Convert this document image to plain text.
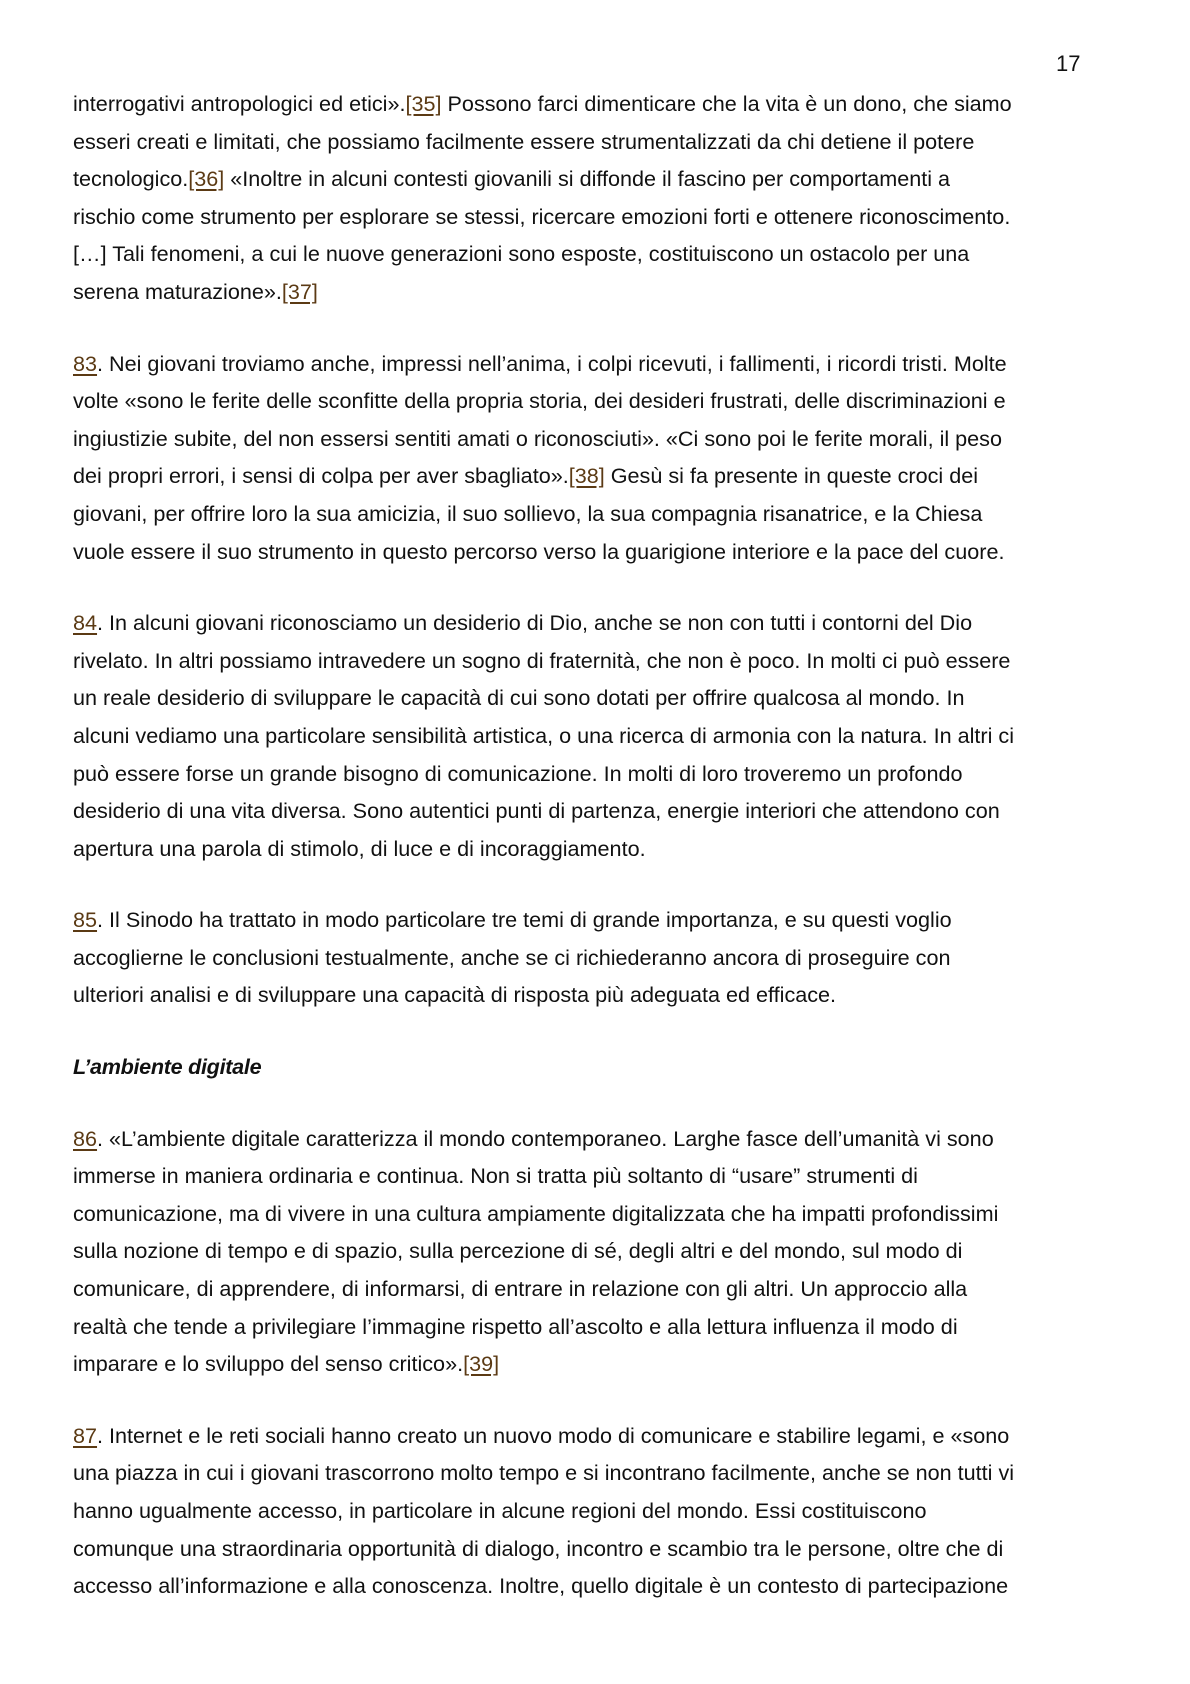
17
interrogativi antropologici ed etici».[35] Possono farci dimenticare che la vita è un dono, che siamo
esseri creati e limitati, che possiamo facilmente essere strumentalizzati da chi detiene il potere
tecnologico.[36] «Inoltre in alcuni contesti giovanili si diffonde il fascino per comportamenti a
rischio come strumento per esplorare se stessi, ricercare emozioni forti e ottenere riconoscimento.
[…] Tali fenomeni, a cui le nuove generazioni sono esposte, costituiscono un ostacolo per una
serena maturazione».[37]
83. Nei giovani troviamo anche, impressi nell’anima, i colpi ricevuti, i fallimenti, i ricordi tristi. Molte
volte «sono le ferite delle sconfitte della propria storia, dei desideri frustrati, delle discriminazioni e
ingiustizie subite, del non essersi sentiti amati o riconosciuti». «Ci sono poi le ferite morali, il peso
dei propri errori, i sensi di colpa per aver sbagliato».[38] Gesù si fa presente in queste croci dei
giovani, per offrire loro la sua amicizia, il suo sollievo, la sua compagnia risanatrice, e la Chiesa
vuole essere il suo strumento in questo percorso verso la guarigione interiore e la pace del cuore.
84. In alcuni giovani riconosciamo un desiderio di Dio, anche se non con tutti i contorni del Dio
rivelato. In altri possiamo intravedere un sogno di fraternità, che non è poco. In molti ci può essere
un reale desiderio di sviluppare le capacità di cui sono dotati per offrire qualcosa al mondo. In
alcuni vediamo una particolare sensibilità artistica, o una ricerca di armonia con la natura. In altri ci
può essere forse un grande bisogno di comunicazione. In molti di loro troveremo un profondo
desiderio di una vita diversa. Sono autentici punti di partenza, energie interiori che attendono con
apertura una parola di stimolo, di luce e di incoraggiamento.
85. Il Sinodo ha trattato in modo particolare tre temi di grande importanza, e su questi voglio
accoglierne le conclusioni testualmente, anche se ci richiederanno ancora di proseguire con
ulteriori analisi e di sviluppare una capacità di risposta più adeguata ed efficace.
L’ambiente digitale
86. «L’ambiente digitale caratterizza il mondo contemporaneo. Larghe fasce dell’umanità vi sono
immerse in maniera ordinaria e continua. Non si tratta più soltanto di “usare” strumenti di
comunicazione, ma di vivere in una cultura ampiamente digitalizzata che ha impatti profondissimi
sulla nozione di tempo e di spazio, sulla percezione di sé, degli altri e del mondo, sul modo di
comunicare, di apprendere, di informarsi, di entrare in relazione con gli altri. Un approccio alla
realtà che tende a privilegiare l’immagine rispetto all’ascolto e alla lettura influenza il modo di
imparare e lo sviluppo del senso critico».[39]
87. Internet e le reti sociali hanno creato un nuovo modo di comunicare e stabilire legami, e «sono
una piazza in cui i giovani trascorrono molto tempo e si incontrano facilmente, anche se non tutti vi
hanno ugualmente accesso, in particolare in alcune regioni del mondo. Essi costituiscono
comunque una straordinaria opportunità di dialogo, incontro e scambio tra le persone, oltre che di
accesso all’informazione e alla conoscenza. Inoltre, quello digitale è un contesto di partecipazione
